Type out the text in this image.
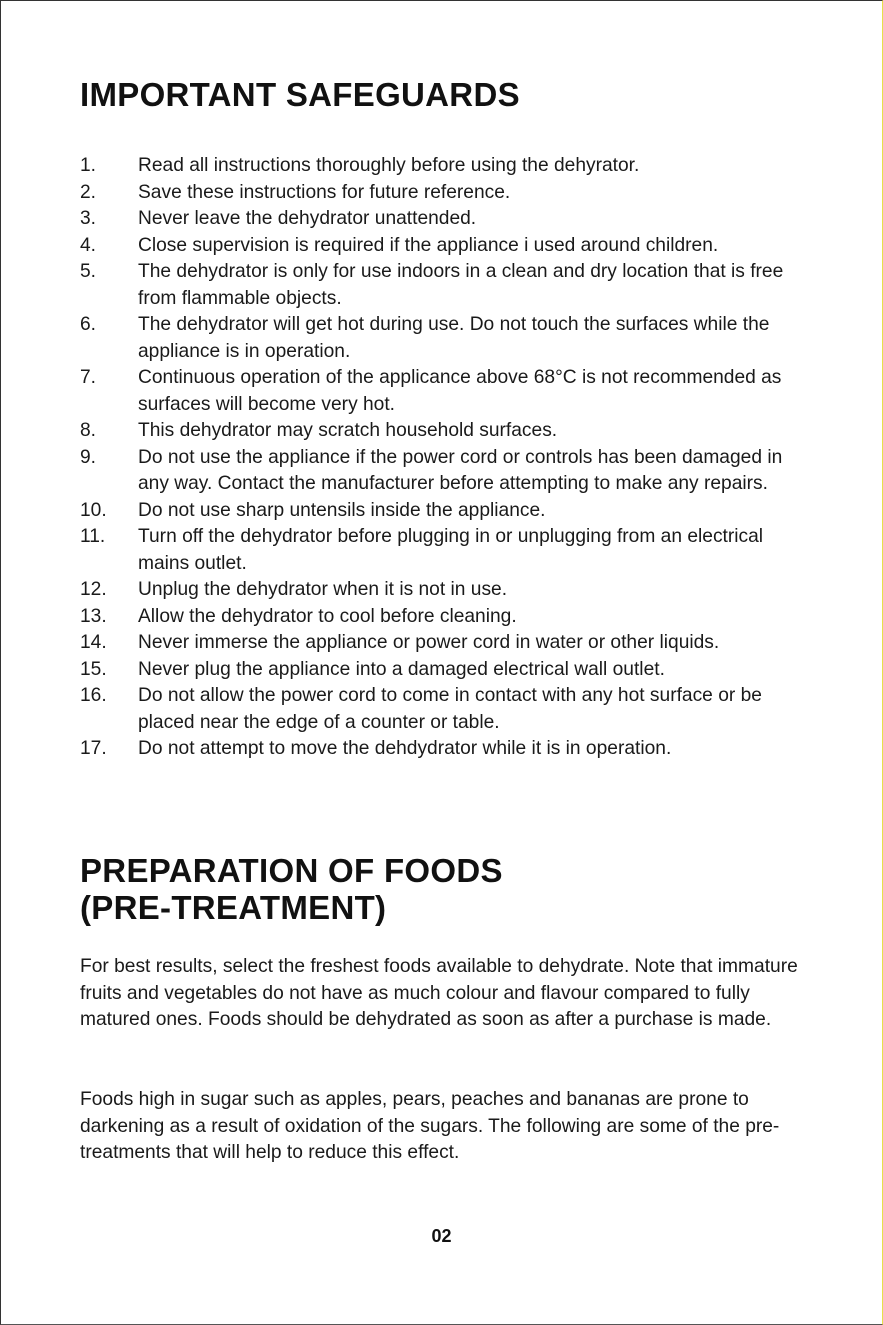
IMPORTANT SAFEGUARDS
1. Read all instructions thoroughly before using the dehyrator.
2. Save these instructions for future reference.
3. Never leave the dehydrator unattended.
4. Close supervision is required if the appliance i used around children.
5. The dehydrator is only for use indoors in a clean and dry location that is free from flammable objects.
6. The dehydrator will get hot during use. Do not touch the surfaces while the appliance is in operation.
7. Continuous operation of the applicance above 68°C is not recommended as surfaces will become very hot.
8. This dehydrator may scratch household surfaces.
9. Do not use the appliance if the power cord or controls has been damaged in any way. Contact the manufacturer before attempting to make any repairs.
10. Do not use sharp untensils inside the appliance.
11. Turn off the dehydrator before plugging in or unplugging from an electrical mains outlet.
12. Unplug the dehydrator when it is not in use.
13. Allow the dehydrator to cool before cleaning.
14. Never immerse the appliance or power cord in water or other liquids.
15. Never plug the appliance into a damaged electrical wall outlet.
16. Do not allow the power cord to come in contact with any hot surface or be placed near the edge of a counter or table.
17. Do not attempt to move the dehdydrator while it is in operation.
PREPARATION OF FOODS
(PRE-TREATMENT)

For best results, select the freshest foods available to dehydrate. Note that immature fruits and vegetables do not have as much colour and flavour compared to fully matured ones. Foods should be dehydrated as soon as after a purchase is made.

Foods high in sugar such as apples, pears, peaches and bananas are prone to darkening as a result of oxidation of the sugars. The following are some of the pre-treatments that will help to reduce this effect.

02
